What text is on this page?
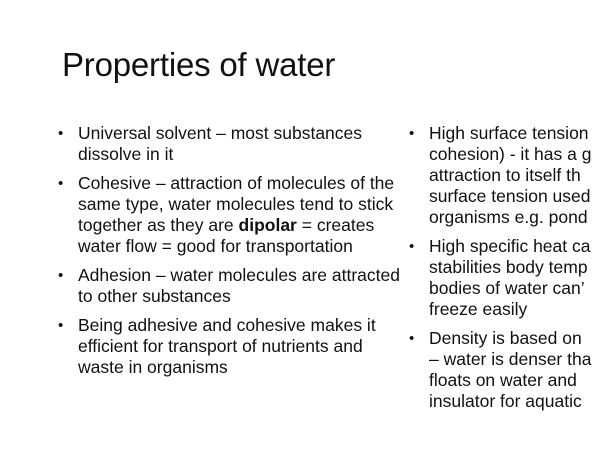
Properties of water
• Universal solvent – most substances dissolve in it
• Cohesive – attraction of molecules of the same type, water molecules tend to stick together as they are dipolar = creates water flow = good for transportation
• Adhesion – water molecules are attracted to other substances
• Being adhesive and cohesive makes it efficient for transport of nutrients and waste in organisms
• High surface tension
cohesion) - it has a g
attraction to itself th
surface tension used
organisms e.g. pond
• High specific heat ca
stabilities body temp
bodies of water can’
freeze easily
• Density is based on
– water is denser tha
floats on water and
insulator for aquatic
